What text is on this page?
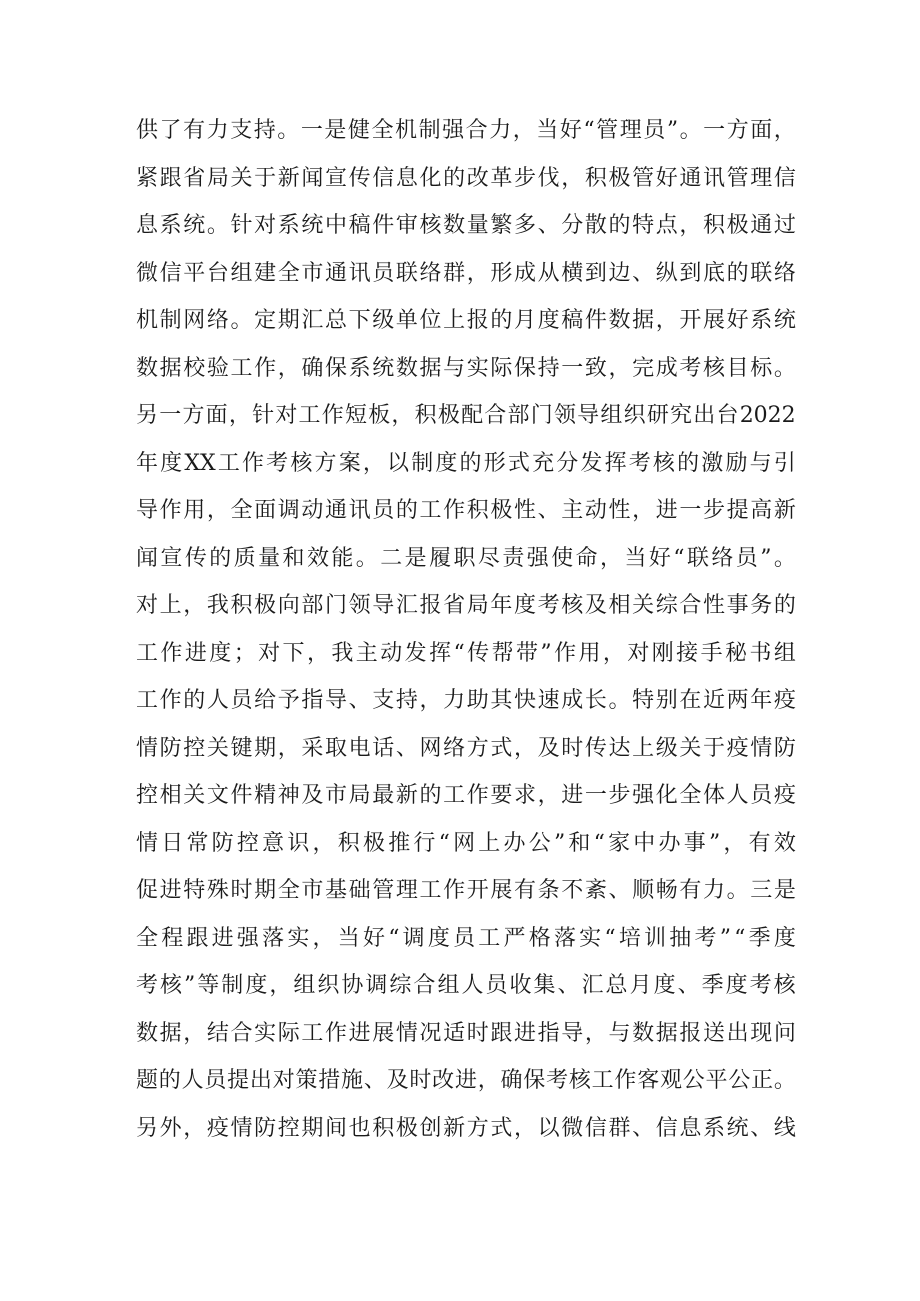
供 了 有 力 支 持 。 一 是 健 全 机 制 强 合 力 ， 当 好 “ 管 理 员 ” 。 一 方 面 ，
紧 跟 省 局 关 于 新 闻 宣 传 信 息 化 的 改 革 步 伐 ， 积 极 管 好 通 讯 管 理 信
息 系 统 。 针 对 系 统 中 稿 件 审 核 数 量 繁 多 、 分 散 的 特 点 ， 积 极 通 过
微 信 平 台 组 建 全 市 通 讯 员 联 络 群 ， 形 成 从 横 到 边 、 纵 到 底 的 联 络
机 制 网 络 。 定 期 汇 总 下 级 单 位 上 报 的 月 度 稿 件 数 据 ， 开 展 好 系 统
数 据 校 验 工 作 ， 确 保 系 统 数 据 与 实 际 保 持 一 致 ， 完 成 考 核 目 标 。
另 一 方 面 ， 针 对 工 作 短 板 ， 积 极 配 合 部 门 领 导 组 织 研 究 出 台 2022
年 度 XX 工 作 考 核 方 案 ， 以 制 度 的 形 式 充 分 发 挥 考 核 的 激 励 与 引
导 作 用 ， 全 面 调 动 通 讯 员 的 工 作 积 极 性 、 主 动 性 ， 进 一 步 提 高 新
闻 宣 传 的 质 量 和 效 能 。 二 是 履 职 尽 责 强 使 命 ， 当 好 “ 联 络 员 ” 。
对 上 ， 我 积 极 向 部 门 领 导 汇 报 省 局 年 度 考 核 及 相 关 综 合 性 事 务 的
工 作 进 度 ； 对 下 ， 我 主 动 发 挥 “ 传 帮 带 ” 作 用 ， 对 刚 接 手 秘 书 组
工 作 的 人 员 给 予 指 导 、 支 持 ， 力 助 其 快 速 成 长 。 特 别 在 近 两 年 疫
情 防 控 关 键 期 ， 采 取 电 话 、 网 络 方 式 ， 及 时 传 达 上 级 关 于 疫 情 防
控 相 关 文 件 精 神 及 市 局 最 新 的 工 作 要 求 ， 进 一 步 强 化 全 体 人 员 疫
情 日 常 防 控 意 识 ， 积 极 推 行 “ 网 上 办 公 ” 和 “ 家 中 办 事 ” ， 有 效
促 进 特 殊 时 期 全 市 基 础 管 理 工 作 开 展 有 条 不 紊 、 顺 畅 有 力 。 三 是
全 程 跟 进 强 落 实 ， 当 好 “ 调 度 员 工 严 格 落 实 “ 培 训 抽 考 ” “ 季 度
考 核 ” 等 制 度 ， 组 织 协 调 综 合 组 人 员 收 集 、 汇 总 月 度 、 季 度 考 核
数 据 ， 结 合 实 际 工 作 进 展 情 况 适 时 跟 进 指 导 ， 与 数 据 报 送 出 现 问
题 的 人 员 提 出 对 策 措 施 、 及 时 改 进 ， 确 保 考 核 工 作 客 观 公 平 公 正 。
另 外 ， 疫 情 防 控 期 间 也 积 极 创 新 方 式 ， 以 微 信 群 、 信 息 系 统 、 线
